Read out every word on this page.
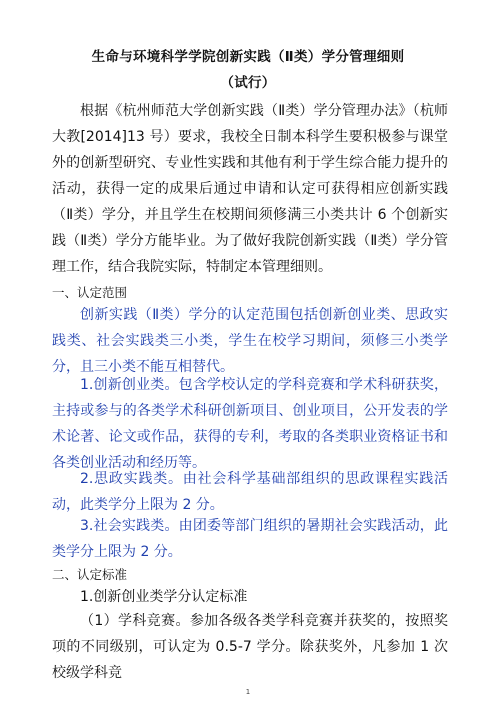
生命与环境科学学院创新实践（Ⅱ类）学分管理细则
（试行）
根据《杭州师范大学创新实践（Ⅱ类）学分管理办法》（杭师大教[2014]13 号）要求，我校全日制本科学生要积极参与课堂外的创新型研究、专业性实践和其他有利于学生综合能力提升的活动，获得一定的成果后通过申请和认定可获得相应创新实践（Ⅱ类）学分，并且学生在校期间须修满三小类共计 6 个创新实践（Ⅱ类）学分方能毕业。为了做好我院创新实践（Ⅱ类）学分管理工作，结合我院实际，特制定本管理细则。
一、认定范围
创新实践（Ⅱ类）学分的认定范围包括创新创业类、思政实践类、社会实践类三小类，学生在校学习期间，须修三小类学分，且三小类不能互相替代。
1.创新创业类。包含学校认定的学科竞赛和学术科研获奖，主持或参与的各类学术科研创新项目、创业项目，公开发表的学术论著、论文或作品，获得的专利，考取的各类职业资格证书和各类创业活动和经历等。
2.思政实践类。由社会科学基础部组织的思政课程实践活动，此类学分上限为 2 分。
3.社会实践类。由团委等部门组织的暑期社会实践活动，此类学分上限为 2 分。
二、认定标准
1.创新创业类学分认定标准
（1）学科竞赛。参加各级各类学科竞赛并获奖的，按照奖项的不同级别，可认定为 0.5-7 学分。除获奖外，凡参加 1 次校级学科竞
1
